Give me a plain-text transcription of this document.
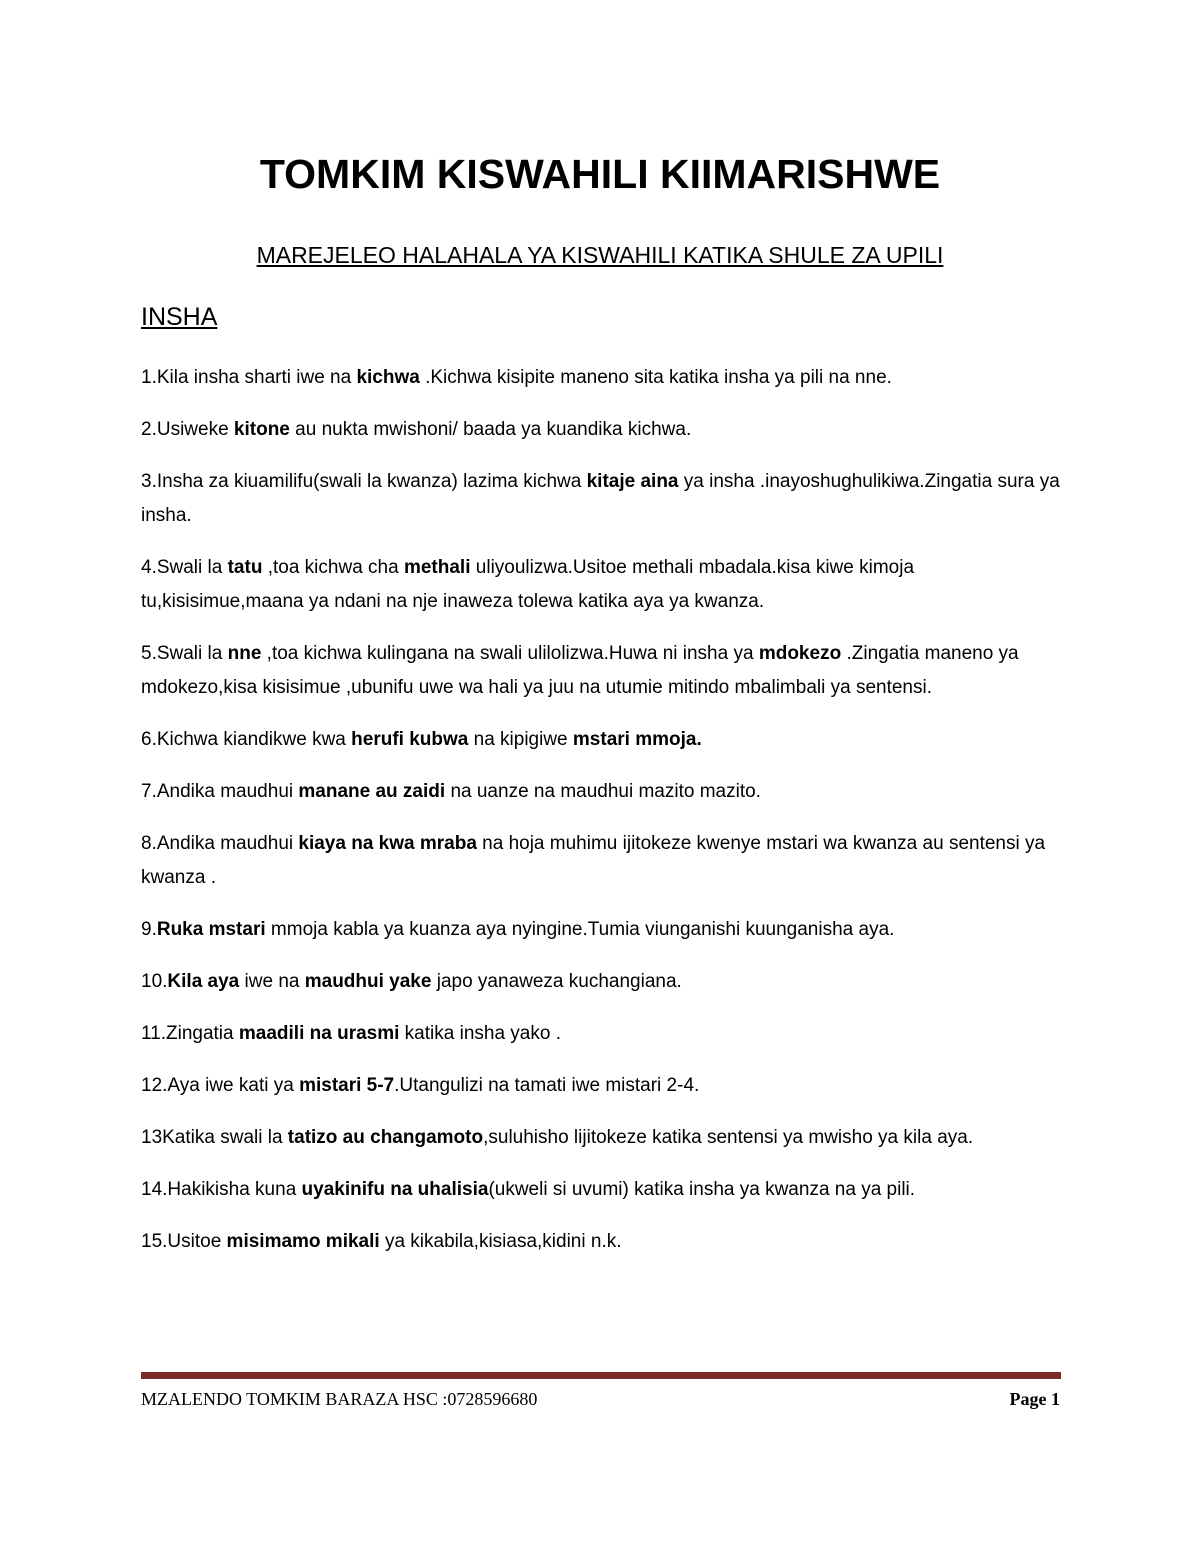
TOMKIM KISWAHILI KIIMARISHWE
MAREJELEO HALAHALA YA KISWAHILI KATIKA SHULE ZA UPILI
INSHA
1.Kila insha sharti iwe na kichwa .Kichwa kisipite maneno sita katika insha ya pili na nne.
2.Usiweke kitone au nukta mwishoni/ baada ya kuandika kichwa.
3.Insha za kiuamilifu(swali la kwanza) lazima kichwa kitaje aina ya insha .inayoshughulikiwa.Zingatia sura ya insha.
4.Swali la tatu ,toa kichwa cha methali uliyoulizwa.Usitoe methali mbadala.kisa kiwe kimoja tu,kisisimue,maana ya ndani na nje inaweza tolewa katika aya ya kwanza.
5.Swali la nne ,toa kichwa kulingana na swali ulilolizwa.Huwa ni insha ya mdokezo .Zingatia maneno ya mdokezo,kisa kisisimue ,ubunifu uwe wa hali ya juu na utumie mitindo mbalimbali ya sentensi.
6.Kichwa kiandikwe kwa herufi kubwa na kipigiwe mstari mmoja.
7.Andika maudhui manane au zaidi na uanze na maudhui mazito mazito.
8.Andika maudhui kiaya na kwa mraba na hoja muhimu ijitokeze kwenye mstari wa kwanza au sentensi ya kwanza .
9.Ruka mstari mmoja kabla ya kuanza aya nyingine.Tumia viunganishi kuunganisha aya.
10.Kila aya iwe na maudhui yake japo yanaweza kuchangiana.
11.Zingatia maadili na urasmi katika insha yako .
12.Aya iwe kati ya mistari 5-7.Utangulizi na tamati iwe mistari 2-4.
13Katika swali la tatizo au changamoto,suluhisho lijitokeze katika sentensi ya mwisho ya kila aya.
14.Hakikisha kuna uyakinifu na uhalisia(ukweli si uvumi) katika insha ya kwanza na ya pili.
15.Usitoe misimamo mikali ya kikabila,kisiasa,kidini n.k.
MZALENDO TOMKIM BARAZA HSC :0728596680	Page 1
